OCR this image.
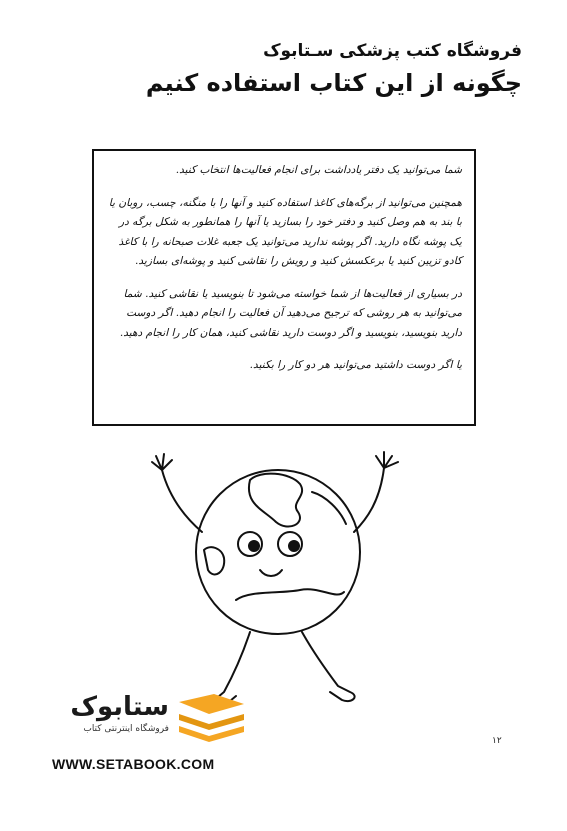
فروشگاه کتب پزشکی سـتابوک
چگونه از این کتاب استفاده کنیم

شما می‌توانید یک دفتر یادداشت برای انجام فعالیت‌ها انتخاب کنید.

همچنین می‌توانید از برگه‌های کاغذ استفاده کنید و آنها را با منگنه، چسب، روبان یا با بند به هم وصل کنید و دفتر خود را بسازید یا آنها را همانطور به شکل برگه در یک پوشه نگاه دارید. اگر پوشه ندارید می‌توانید یک جعبه غلات صبحانه را با کاغذ کادو تزیین کنید یا برعکسش کنید و رویش را نقاشی کنید و پوشه‌ای بسازید.

در بسیاری از فعالیت‌ها از شما خواسته می‌شود تا بنویسید یا نقاشی کنید. شما می‌توانید به هر روشی که ترجیح می‌دهید آن فعالیت را انجام دهید. اگر دوست دارید بنویسید، بنویسید و اگر دوست دارید نقاشی کنید، همان کار را انجام دهید.

یا اگر دوست داشتید می‌توانید هر دو کار را بکنید.

ستابوک
فروشگاه اینترنتی کتاب
WWW.SETABOOK.COM
۱۲
